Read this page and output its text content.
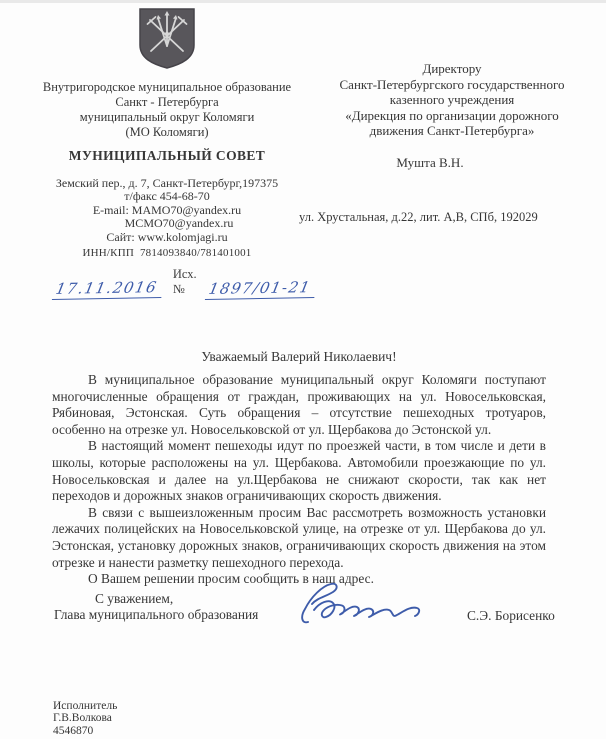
Внутригородское муниципальное образование
Санкт - Петербурга
муниципальный округ Коломяги
(МО Коломяги)
МУНИЦИПАЛЬНЫЙ СОВЕТ
Земский пер., д. 7, Санкт-Петербург,197375
т/факс 454-68-70
E-mail: MAMO70@yandex.ru
MCMO70@yandex.ru
Сайт: www.kolomjagi.ru
ИНН/КПП 7814093840/781401001
17.11.2016
Исх. №	1897/01-21
Директору
Санкт-Петербургского государственного
казенного учреждения
«Дирекция по организации дорожного
движения Санкт-Петербурга»
Мушта В.Н.
ул. Хрустальная, д.22, лит. А,В, СПб, 192029
Уважаемый Валерий Николаевич!

В муниципальное образование муниципальный округ Коломяги поступают многочисленные обращения от граждан, проживающих на ул. Новосельковская, Рябиновая, Эстонская. Суть обращения – отсутствие пешеходных тротуаров, особенно на отрезке ул. Новосельковской от ул. Щербакова до Эстонской ул.

В настоящий момент пешеходы идут по проезжей части, в том числе и дети в школы, которые расположены на ул. Щербакова. Автомобили проезжающие по ул. Новосельковская и далее на ул.Щербакова не снижают скорости, так как нет переходов и дорожных знаков ограничивающих скорость движения.

В связи с вышеизложенным просим Вас рассмотреть возможность установки лежачих полицейских на Новосельковской улице, на отрезке от ул. Щербакова до ул. Эстонская, установку дорожных знаков, ограничивающих скорость движения на этом отрезке и нанести разметку пешеходного перехода.

О Вашем решении просим сообщить в наш адрес.

С уважением,
Глава муниципального образования	С.Э. Борисенко
Исполнитель
Г.В.Волкова
4546870
